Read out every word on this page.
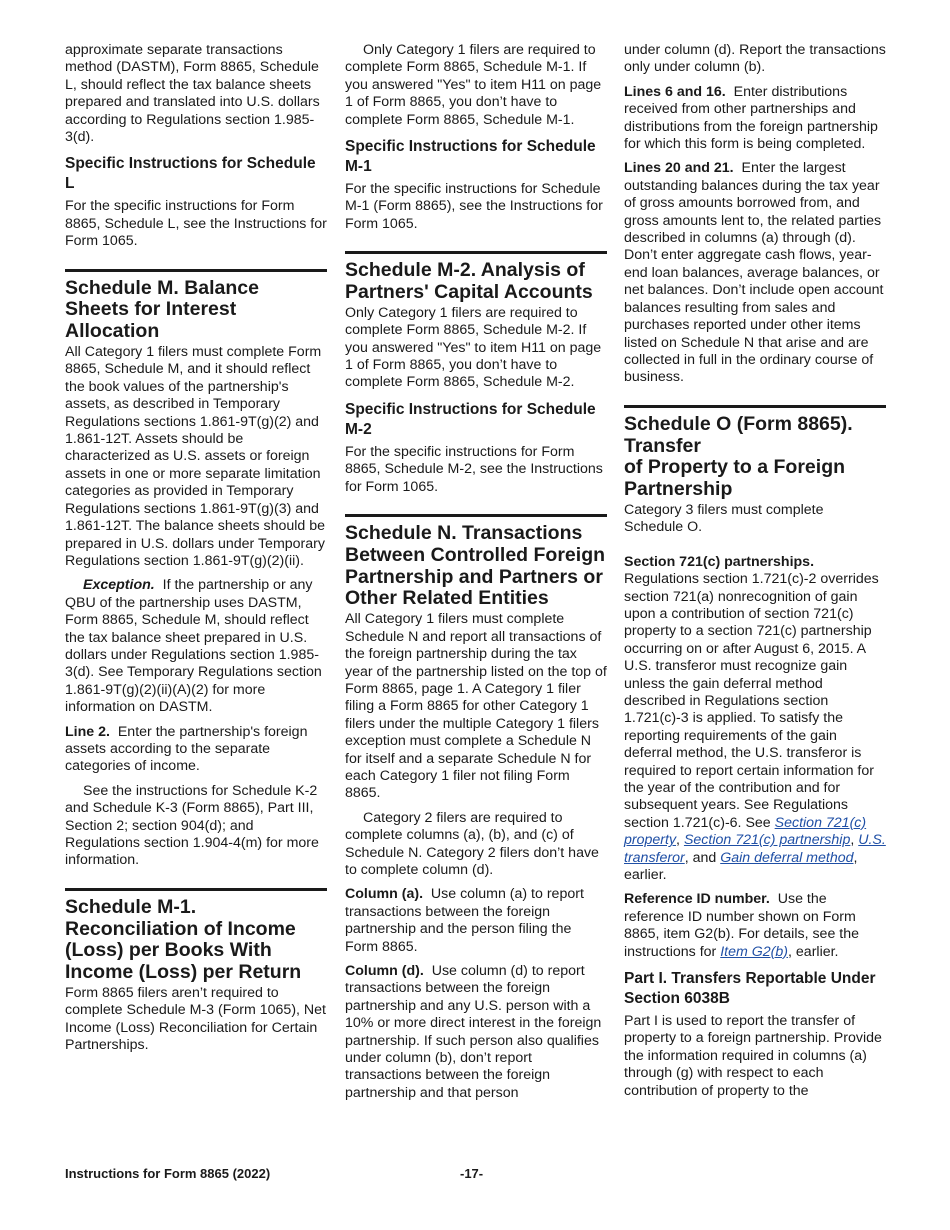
approximate separate transactions method (DASTM), Form 8865, Schedule L, should reflect the tax balance sheets prepared and translated into U.S. dollars according to Regulations section 1.985-3(d).

Specific Instructions for Schedule L

For the specific instructions for Form 8865, Schedule L, see the Instructions for Form 1065.

Schedule M. Balance Sheets for Interest Allocation

All Category 1 filers must complete Form 8865, Schedule M, and it should reflect the book values of the partnership's assets, as described in Temporary Regulations sections 1.861-9T(g)(2) and 1.861-12T. Assets should be characterized as U.S. assets or foreign assets in one or more separate limitation categories as provided in Temporary Regulations sections 1.861-9T(g)(3) and 1.861-12T. The balance sheets should be prepared in U.S. dollars under Temporary Regulations section 1.861-9T(g)(2)(ii).

Exception. If the partnership or any QBU of the partnership uses DASTM, Form 8865, Schedule M, should reflect the tax balance sheet prepared in U.S. dollars under Regulations section 1.985-3(d). See Temporary Regulations section 1.861-9T(g)(2)(ii)(A)(2) for more information on DASTM.

Line 2. Enter the partnership's foreign assets according to the separate categories of income.

See the instructions for Schedule K-2 and Schedule K-3 (Form 8865), Part III, Section 2; section 904(d); and Regulations section 1.904-4(m) for more information.

Schedule M-1. Reconciliation of Income (Loss) per Books With Income (Loss) per Return

Form 8865 filers aren’t required to complete Schedule M-3 (Form 1065), Net Income (Loss) Reconciliation for Certain Partnerships.

Only Category 1 filers are required to complete Form 8865, Schedule M-1. If you answered "Yes" to item H11 on page 1 of Form 8865, you don’t have to complete Form 8865, Schedule M-1.

Specific Instructions for Schedule M-1

For the specific instructions for Schedule M-1 (Form 8865), see the Instructions for Form 1065.

Schedule M-2. Analysis of Partners' Capital Accounts

Only Category 1 filers are required to complete Form 8865, Schedule M-2. If you answered "Yes" to item H11 on page 1 of Form 8865, you don’t have to complete Form 8865, Schedule M-2.

Specific Instructions for Schedule M-2

For the specific instructions for Form 8865, Schedule M-2, see the Instructions for Form 1065.

Schedule N. Transactions Between Controlled Foreign Partnership and Partners or Other Related Entities

All Category 1 filers must complete Schedule N and report all transactions of the foreign partnership during the tax year of the partnership listed on the top of Form 8865, page 1. A Category 1 filer filing a Form 8865 for other Category 1 filers under the multiple Category 1 filers exception must complete a Schedule N for itself and a separate Schedule N for each Category 1 filer not filing Form 8865.

Category 2 filers are required to complete columns (a), (b), and (c) of Schedule N. Category 2 filers don’t have to complete column (d).

Column (a). Use column (a) to report transactions between the foreign partnership and the person filing the Form 8865.

Column (d). Use column (d) to report transactions between the foreign partnership and any U.S. person with a 10% or more direct interest in the foreign partnership. If such person also qualifies under column (b), don’t report transactions between the foreign partnership and that person

under column (d). Report the transactions only under column (b).

Lines 6 and 16. Enter distributions received from other partnerships and distributions from the foreign partnership for which this form is being completed.

Lines 20 and 21. Enter the largest outstanding balances during the tax year of gross amounts borrowed from, and gross amounts lent to, the related parties described in columns (a) through (d). Don’t enter aggregate cash flows, year-end loan balances, average balances, or net balances. Don’t include open account balances resulting from sales and purchases reported under other items listed on Schedule N that arise and are collected in full in the ordinary course of business.

Schedule O (Form 8865). Transfer
of Property to a Foreign Partnership

Category 3 filers must complete Schedule O.

Section 721(c) partnerships.
Regulations section 1.721(c)-2 overrides section 721(a) nonrecognition of gain upon a contribution of section 721(c) property to a section 721(c) partnership occurring on or after August 6, 2015. A U.S. transferor must recognize gain unless the gain deferral method described in Regulations section 1.721(c)-3 is applied. To satisfy the reporting requirements of the gain deferral method, the U.S. transferor is required to report certain information for the year of the contribution and for subsequent years. See Regulations section 1.721(c)-6. See Section 721(c) property, Section 721(c) partnership, U.S. transferor, and Gain deferral method, earlier.

Reference ID number. Use the reference ID number shown on Form 8865, item G2(b). For details, see the instructions for Item G2(b), earlier.

Part I. Transfers Reportable Under Section 6038B

Part I is used to report the transfer of property to a foreign partnership. Provide the information required in columns (a) through (g) with respect to each contribution of property to the

Instructions for Form 8865 (2022)	-17-
